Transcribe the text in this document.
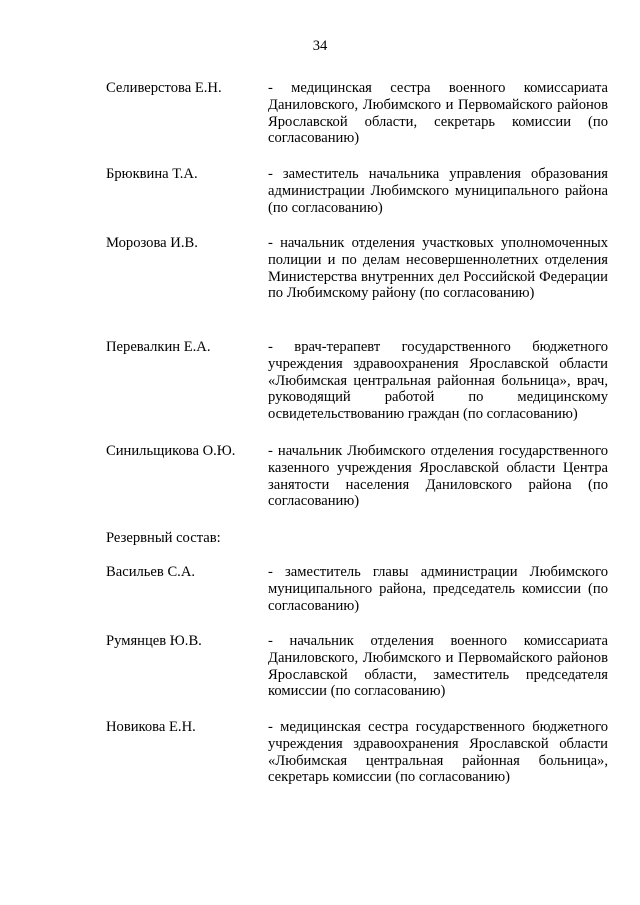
34
Селиверстова Е.Н.	- медицинская сестра военного комиссариата Даниловского, Любимского и Первомайского районов Ярославской области, секретарь комиссии (по согласованию)
Брюквина Т.А.	- заместитель начальника управления образования администрации Любимского муниципального района (по согласованию)
Морозова И.В.	- начальник отделения участковых уполномоченных полиции и по делам несовершеннолетних отделения Министерства внутренних дел Российской Федерации по Любимскому району (по согласованию)
Перевалкин Е.А.	- врач-терапевт государственного бюджетного учреждения здравоохранения Ярославской области «Любимская центральная районная больница», врач, руководящий работой по медицинскому освидетельствованию граждан (по согласованию)
Синильщикова О.Ю. - начальник Любимского отделения государственного казенного учреждения Ярославской области Центра занятости населения Даниловского района (по согласованию)
Резервный состав:
Васильев С.А.	- заместитель главы администрации Любимского муниципального района, председатель комиссии (по согласованию)
Румянцев Ю.В.	- начальник отделения военного комиссариата Даниловского, Любимского и Первомайского районов Ярославской области, заместитель председателя комиссии (по согласованию)
Новикова Е.Н.	- медицинская сестра государственного бюджетного учреждения здравоохранения Ярославской области «Любимская центральная районная больница», секретарь комиссии (по согласованию)
